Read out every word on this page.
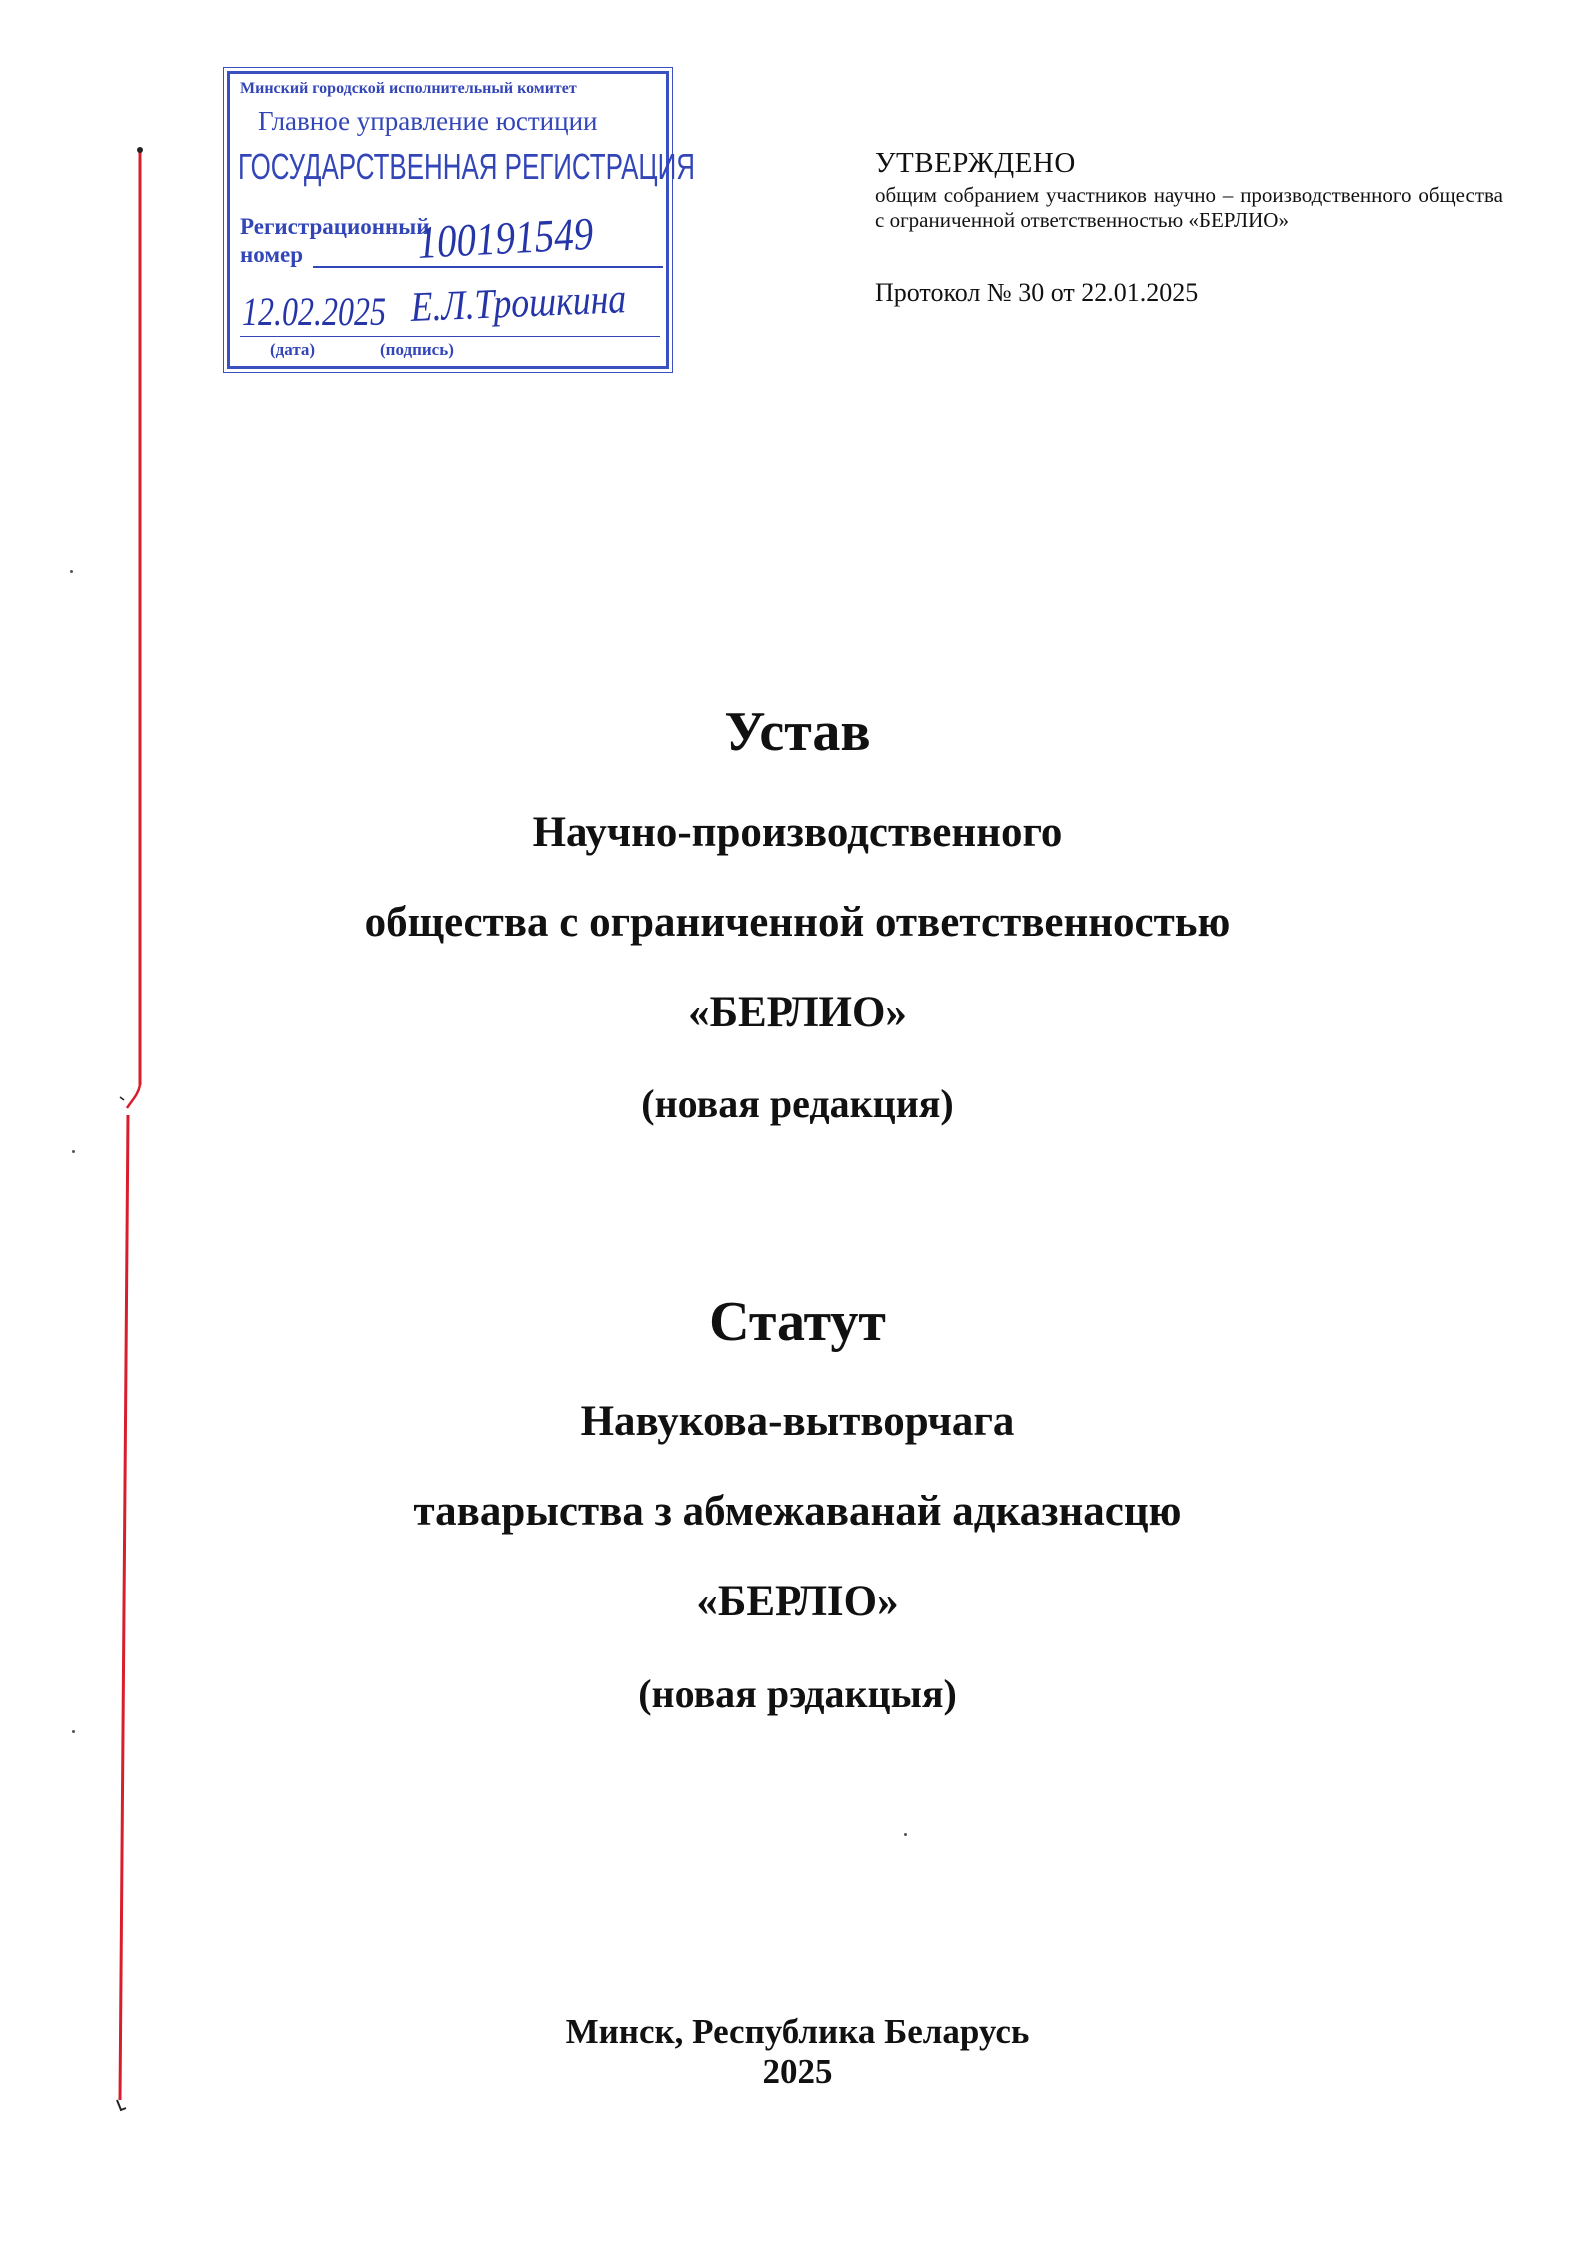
Минский городской исполнительный комитет
Главное управление юстиции
ГОСУДАРСТВЕННАЯ РЕГИСТРАЦИЯ
Регистрационный
номер 100191549
12.02.2025 Е.Л.Трошкина
(дата)	(подпись)
УТВЕРЖДЕНО
общим собранием участников научно – производственного общества с ограниченной ответственностью «БЕРЛИО»
Протокол № 30 от 22.01.2025
Устав
Научно-производственного
общества с ограниченной ответственностью
«БЕРЛИО»
(новая редакция)
Статут
Навукова-вытворчага
таварыства з абмежаванай адказнасцю
«БЕРЛІО»
(новая рэдакцыя)
Минск, Республика Беларусь
2025
